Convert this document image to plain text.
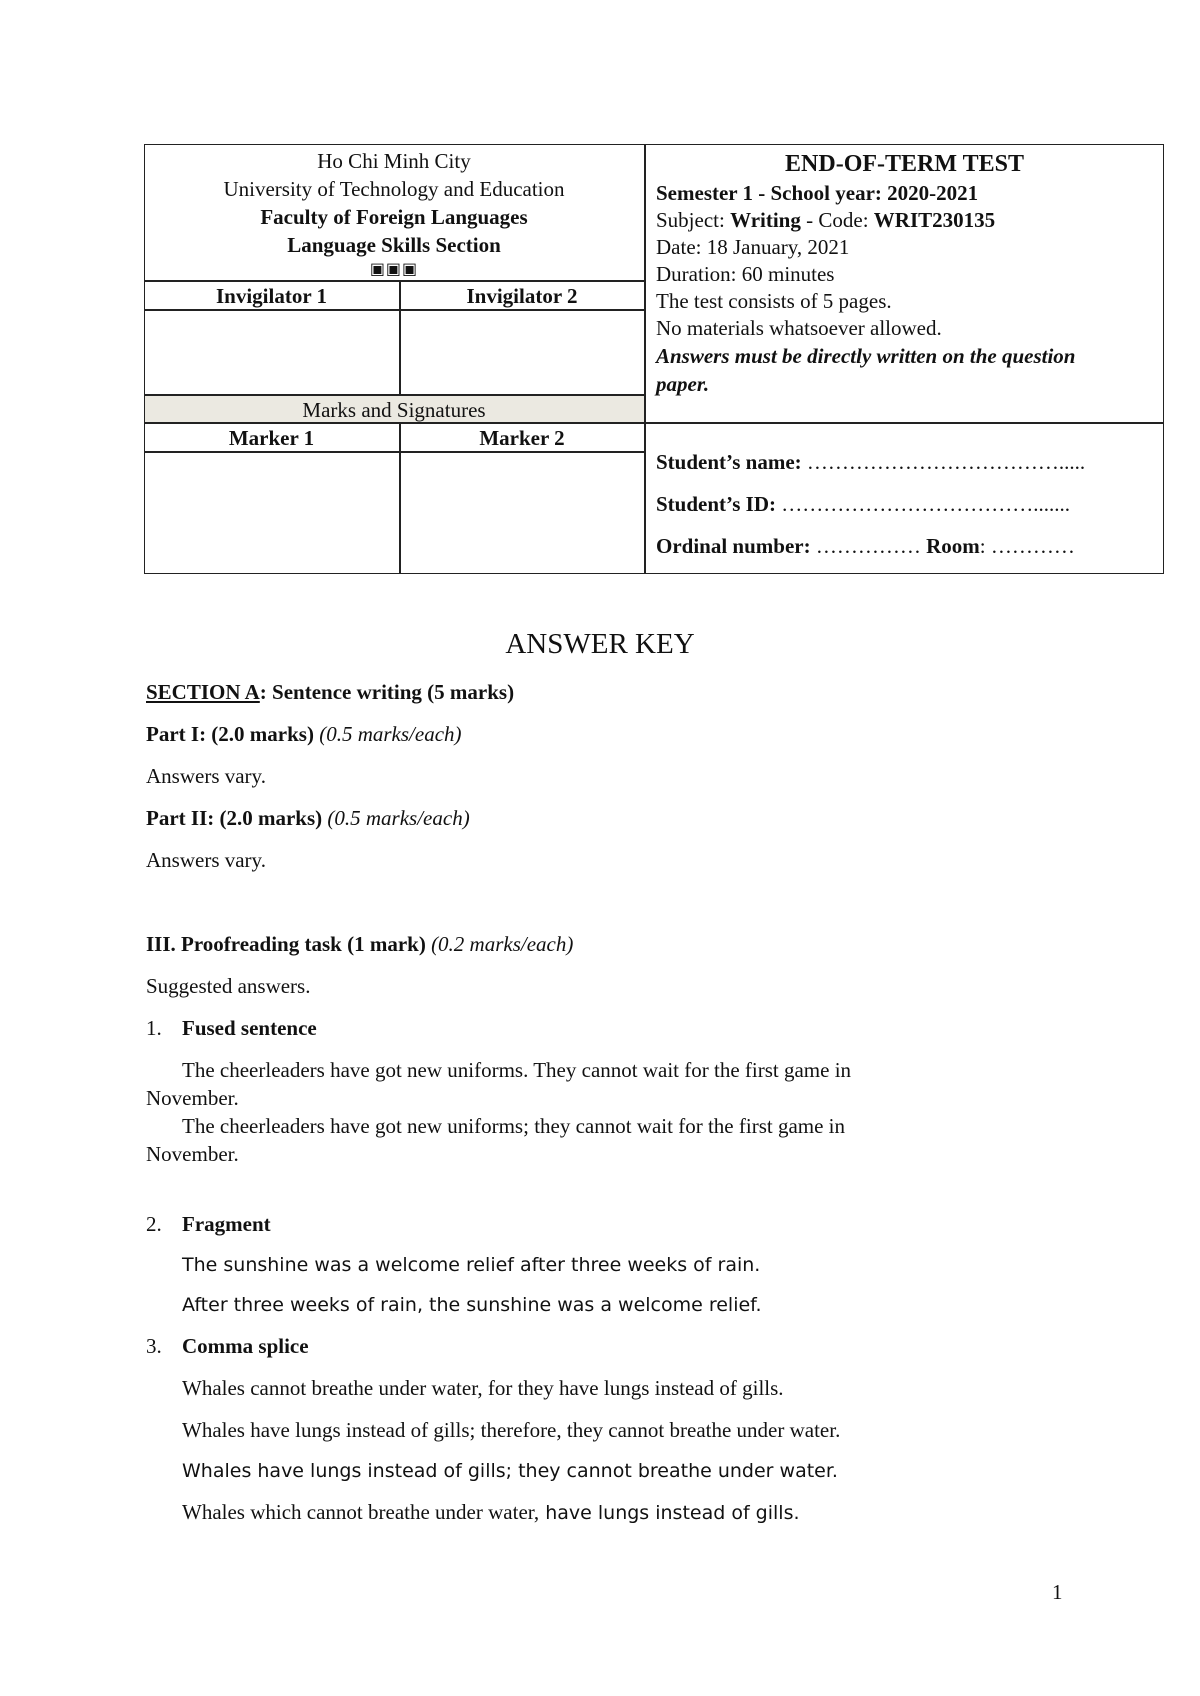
Ho Chi Minh City
University of Technology and Education
Faculty of Foreign Languages
Language Skills Section
▣▣▣
Invigilator 1	Invigilator 2
Marks and Signatures
Marker 1	Marker 2
END-OF-TERM TEST
Semester 1 - School year: 2020-2021
Subject: Writing - Code: WRIT230135
Date: 18 January, 2021
Duration: 60 minutes
The test consists of 5 pages.
No materials whatsoever allowed.
Answers must be directly written on the question
paper.
Student’s name: ……………………………….....
Student’s ID: ……………………………….......
Ordinal number: …………… Room: …………
ANSWER KEY
SECTION A: Sentence writing (5 marks)
Part I: (2.0 marks) (0.5 marks/each)
Answers vary.
Part II: (2.0 marks) (0.5 marks/each)
Answers vary.
III. Proofreading task (1 mark) (0.2 marks/each)
Suggested answers.
1. Fused sentence
The cheerleaders have got new uniforms. They cannot wait for the first game in
November.
The cheerleaders have got new uniforms; they cannot wait for the first game in
November.
2. Fragment
The sunshine was a welcome relief after three weeks of rain.
After three weeks of rain, the sunshine was a welcome relief.
3. Comma splice
Whales cannot breathe under water, for they have lungs instead of gills.
Whales have lungs instead of gills; therefore, they cannot breathe under water.
Whales have lungs instead of gills; they cannot breathe under water.
Whales which cannot breathe under water, have lungs instead of gills.
1
